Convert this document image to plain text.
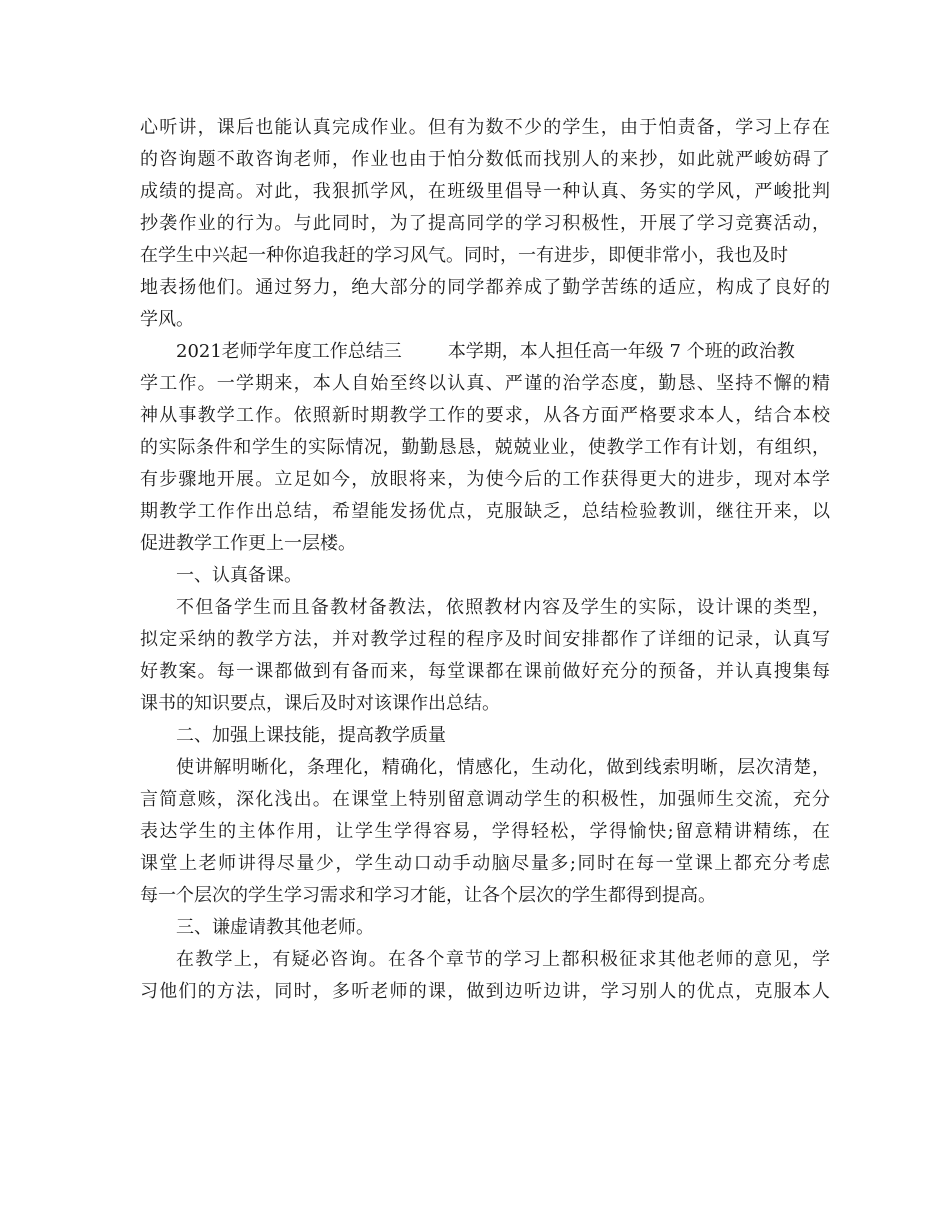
心听讲，课后也能认真完成作业。但有为数不少的学生，由于怕责备，学习上存在
的咨询题不敢咨询老师，作业也由于怕分数低而找别人的来抄，如此就严峻妨碍了
成绩的提高。对此，我狠抓学风，在班级里倡导一种认真、务实的学风，严峻批判
抄袭作业的行为。与此同时，为了提高同学的学习积极性，开展了学习竞赛活动，
在学生中兴起一种你追我赶的学习风气。同时，一有进步，即便非常小，我也及时
地表扬他们。通过努力，绝大部分的同学都养成了勤学苦练的适应，构成了良好的
学风。
2021老师学年度工作总结三	本学期，本人担任高一年级 7 个班的政治教
学工作。一学期来，本人自始至终以认真、严谨的治学态度，勤恳、坚持不懈的精
神从事教学工作。依照新时期教学工作的要求，从各方面严格要求本人，结合本校
的实际条件和学生的实际情况，勤勤恳恳，兢兢业业，使教学工作有计划，有组织，
有步骤地开展。立足如今，放眼将来，为使今后的工作获得更大的进步，现对本学
期教学工作作出总结，希望能发扬优点，克服缺乏，总结检验教训，继往开来，以
促进教学工作更上一层楼。
一、认真备课。
不但备学生而且备教材备教法，依照教材内容及学生的实际，设计课的类型，
拟定采纳的教学方法，并对教学过程的程序及时间安排都作了详细的记录，认真写
好教案。每一课都做到有备而来，每堂课都在课前做好充分的预备，并认真搜集每
课书的知识要点，课后及时对该课作出总结。
二、加强上课技能，提高教学质量
使讲解明晰化，条理化，精确化，情感化，生动化，做到线索明晰，层次清楚，
言简意赅，深化浅出。在课堂上特别留意调动学生的积极性，加强师生交流，充分
表达学生的主体作用，让学生学得容易，学得轻松，学得愉快;留意精讲精练，在
课堂上老师讲得尽量少，学生动口动手动脑尽量多;同时在每一堂课上都充分考虑
每一个层次的学生学习需求和学习才能，让各个层次的学生都得到提高。
三、谦虚请教其他老师。
在教学上，有疑必咨询。在各个章节的学习上都积极征求其他老师的意见，学
习他们的方法，同时，多听老师的课，做到边听边讲，学习别人的优点，克服本人
